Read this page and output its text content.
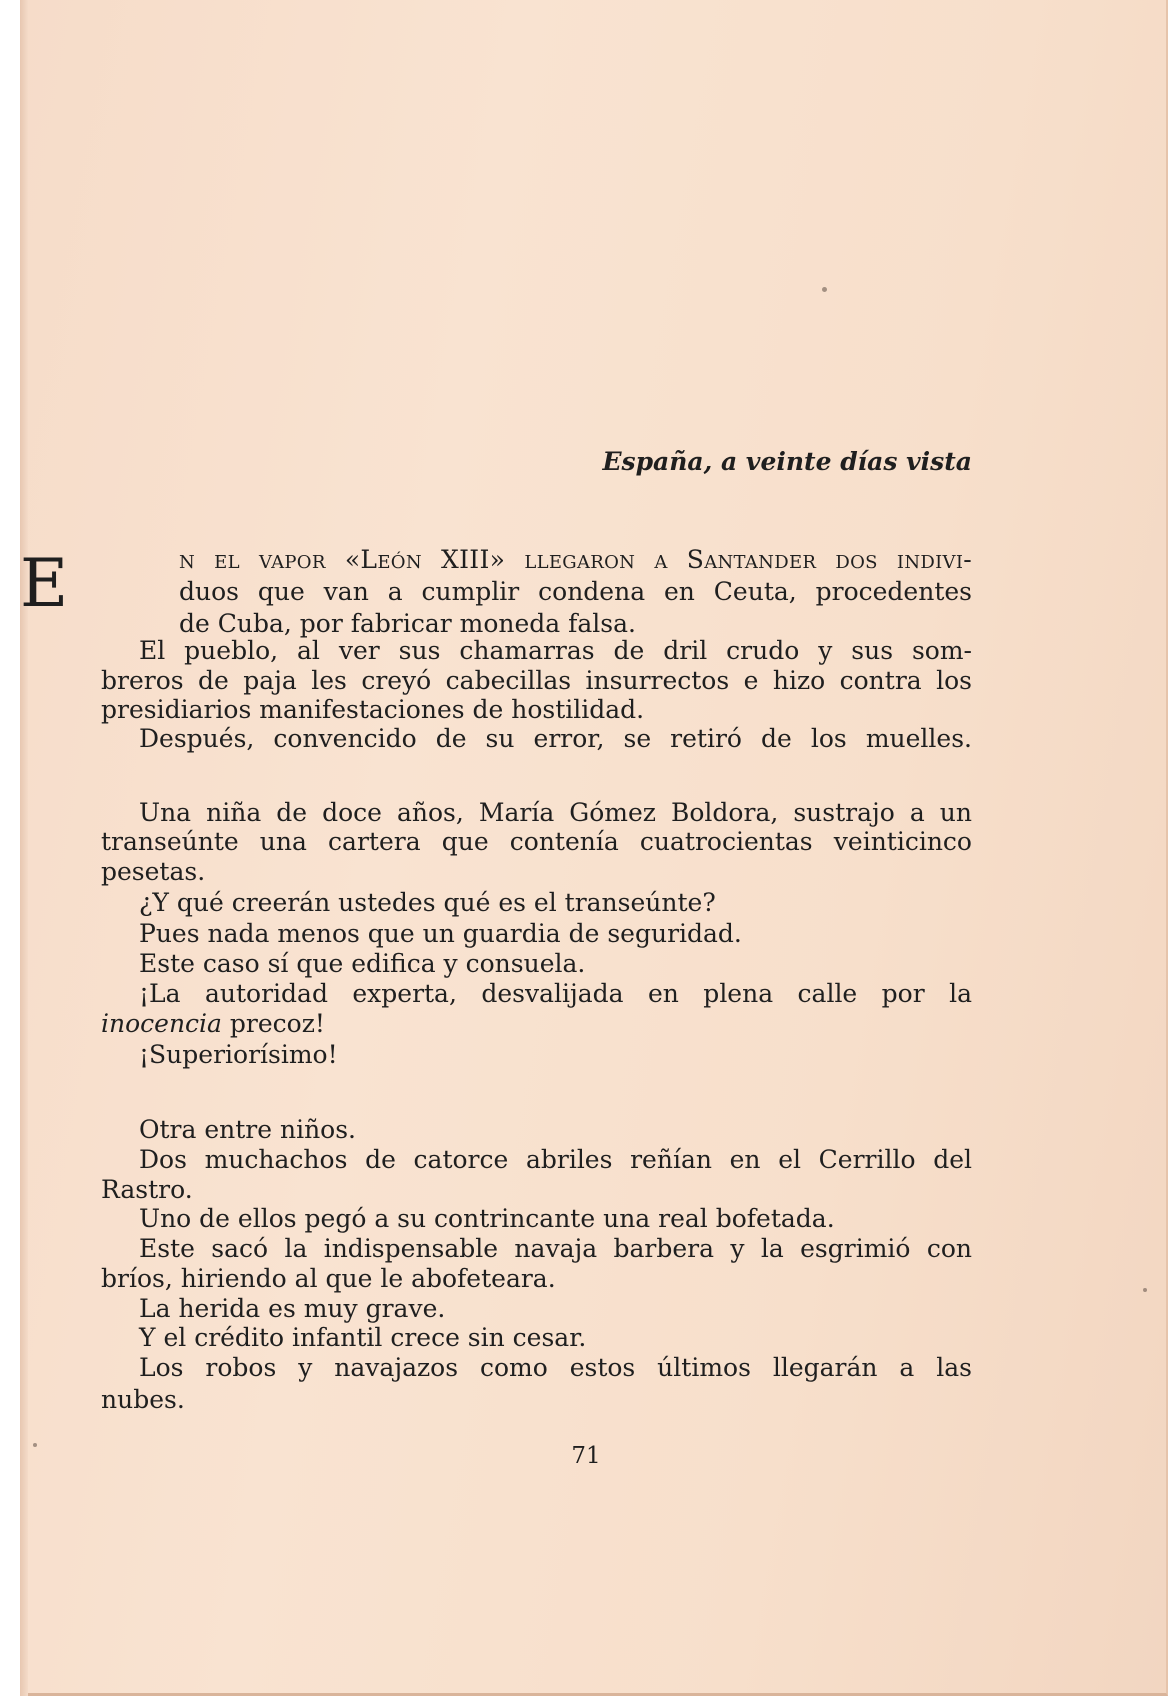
España, a veinte días vista
E	n el vapor «León XIII» llegaron a Santander dos indivi-
duos que van a cumplir condena en Ceuta, procedentes
de Cuba, por fabricar moneda falsa.
El pueblo, al ver sus chamarras de dril crudo y sus som-
breros de paja les creyó cabecillas insurrectos e hizo contra los
presidiarios manifestaciones de hostilidad.
Después, convencido de su error, se retiró de los muelles.
Una niña de doce años, María Gómez Boldora, sustrajo a un
transeúnte una cartera que contenía cuatrocientas veinticinco
pesetas.
¿Y qué creerán ustedes qué es el transeúnte?
Pues nada menos que un guardia de seguridad.
Este caso sí que edifica y consuela.
¡La autoridad experta, desvalijada en plena calle por la
inocencia precoz!
¡Superiorísimo!
Otra entre niños.
Dos muchachos de catorce abriles reñían en el Cerrillo del
Rastro.
Uno de ellos pegó a su contrincante una real bofetada.
Este sacó la indispensable navaja barbera y la esgrimió con
bríos, hiriendo al que le abofeteara.
La herida es muy grave.
Y el crédito infantil crece sin cesar.
Los robos y navajazos como estos últimos llegarán a las
nubes.
71
